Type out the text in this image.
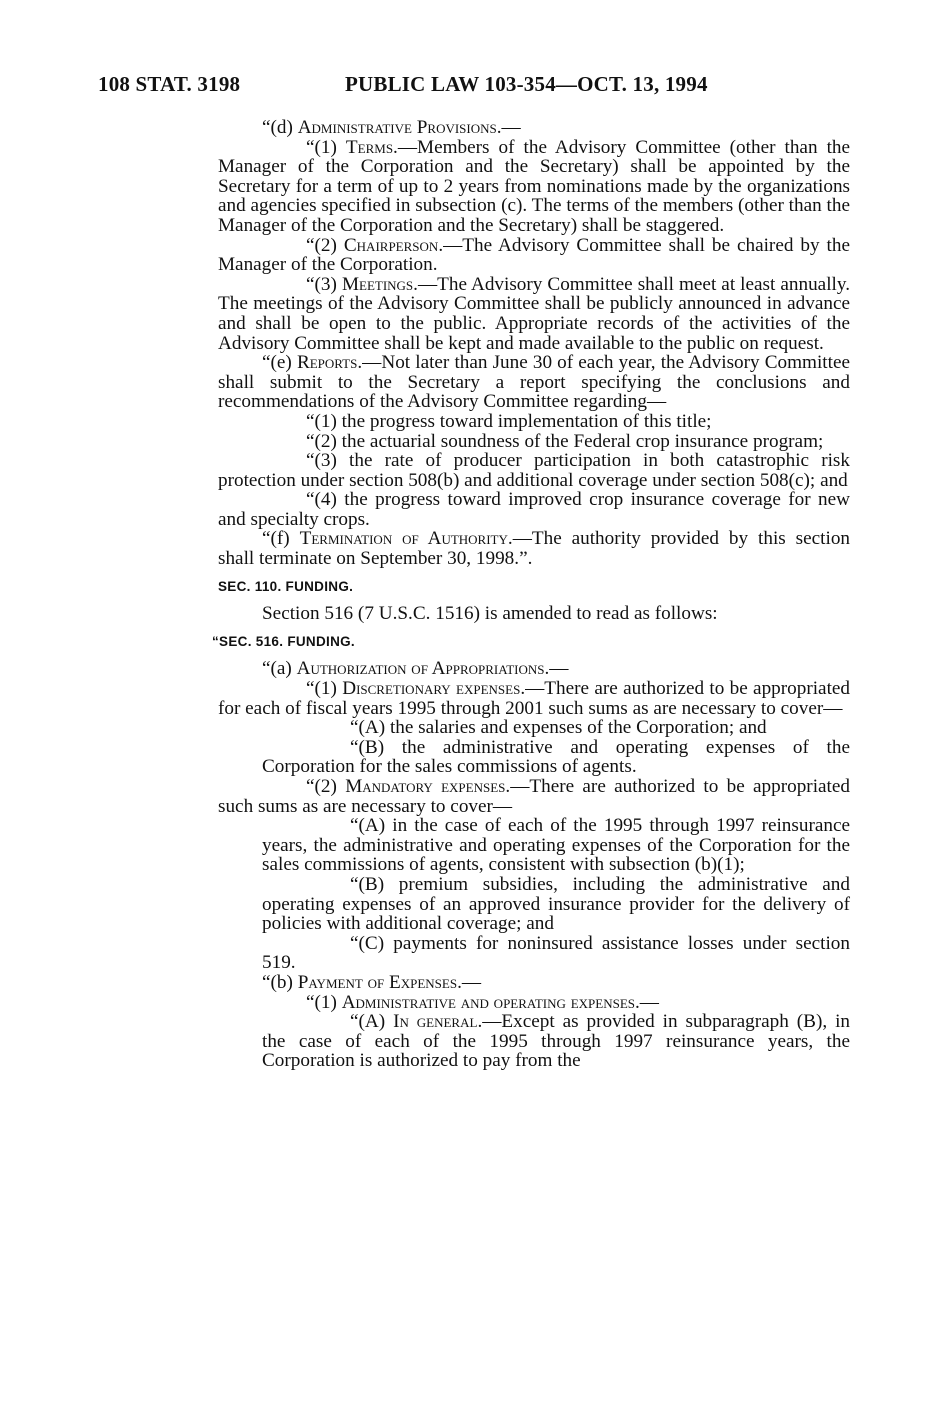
108 STAT. 3198	PUBLIC LAW 103-354—OCT. 13, 1994

“(d) Administrative Provisions.—

“(1) Terms.—Members of the Advisory Committee (other than the Manager of the Corporation and the Secretary) shall be appointed by the Secretary for a term of up to 2 years from nominations made by the organizations and agencies specified in subsection (c). The terms of the members (other than the Manager of the Corporation and the Secretary) shall be staggered.

“(2) Chairperson.—The Advisory Committee shall be chaired by the Manager of the Corporation.

“(3) Meetings.—The Advisory Committee shall meet at least annually. The meetings of the Advisory Committee shall be publicly announced in advance and shall be open to the public. Appropriate records of the activities of the Advisory Committee shall be kept and made available to the public on request.

“(e) Reports.—Not later than June 30 of each year, the Advisory Committee shall submit to the Secretary a report specifying the conclusions and recommendations of the Advisory Committee regarding—

“(1) the progress toward implementation of this title;

“(2) the actuarial soundness of the Federal crop insurance program;

“(3) the rate of producer participation in both catastrophic risk protection under section 508(b) and additional coverage under section 508(c); and

“(4) the progress toward improved crop insurance coverage for new and specialty crops.

“(f) Termination of Authority.—The authority provided by this section shall terminate on September 30, 1998.”.

SEC. 110. FUNDING.

Section 516 (7 U.S.C. 1516) is amended to read as follows:

“SEC. 516. FUNDING.

“(a) Authorization of Appropriations.—

“(1) Discretionary expenses.—There are authorized to be appropriated for each of fiscal years 1995 through 2001 such sums as are necessary to cover—

“(A) the salaries and expenses of the Corporation; and

“(B) the administrative and operating expenses of the Corporation for the sales commissions of agents.

“(2) Mandatory expenses.—There are authorized to be appropriated such sums as are necessary to cover—

“(A) in the case of each of the 1995 through 1997 reinsurance years, the administrative and operating expenses of the Corporation for the sales commissions of agents, consistent with subsection (b)(1);

“(B) premium subsidies, including the administrative and operating expenses of an approved insurance provider for the delivery of policies with additional coverage; and

“(C) payments for noninsured assistance losses under section 519.

“(b) Payment of Expenses.—

“(1) Administrative and operating expenses.—

“(A) In general.—Except as provided in subparagraph (B), in the case of each of the 1995 through 1997 reinsurance years, the Corporation is authorized to pay from the
